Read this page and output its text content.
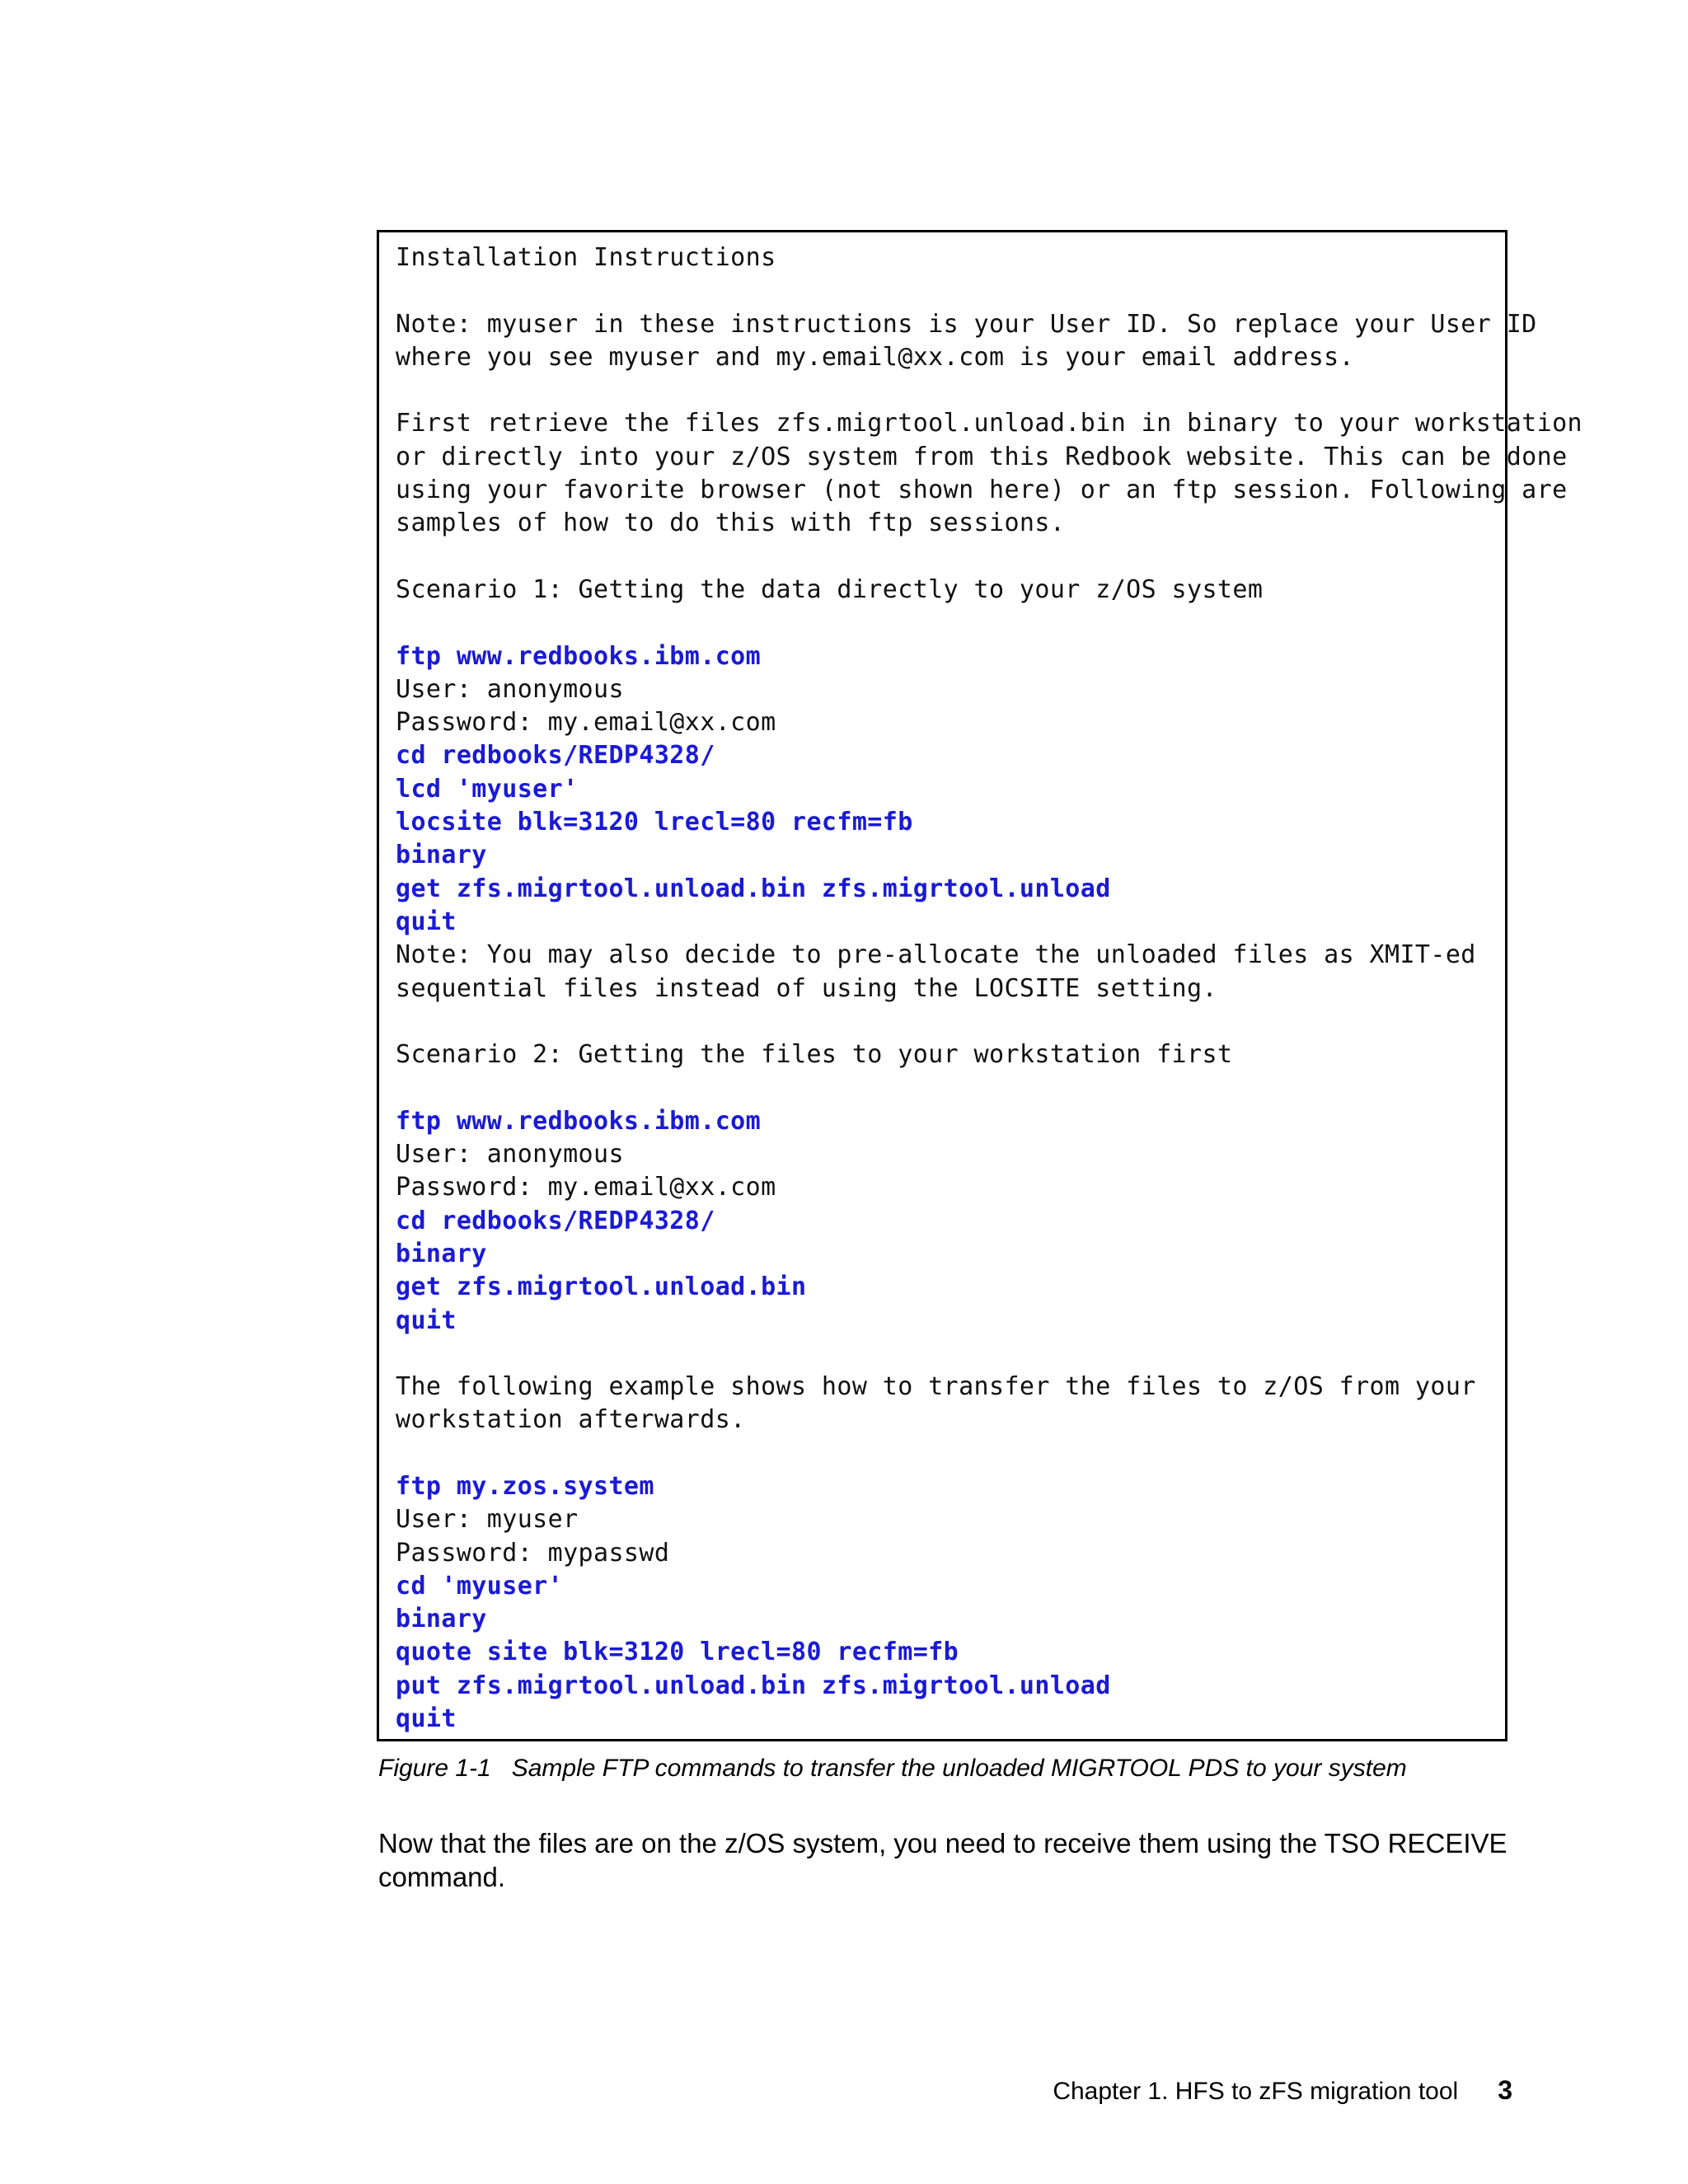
Installation Instructions
Note: myuser in these instructions is your User ID. So replace your User ID
where you see myuser and my.email@xx.com is your email address.
First retrieve the files zfs.migrtool.unload.bin in binary to your workstation
or directly into your z/OS system from this Redbook website. This can be done
using your favorite browser (not shown here) or an ftp session. Following are
samples of how to do this with ftp sessions.
Scenario 1: Getting the data directly to your z/OS system
ftp www.redbooks.ibm.com
User: anonymous
Password: my.email@xx.com
cd redbooks/REDP4328/
lcd 'myuser'
locsite blk=3120 lrecl=80 recfm=fb
binary
get zfs.migrtool.unload.bin zfs.migrtool.unload
quit
Note: You may also decide to pre-allocate the unloaded files as XMIT-ed
sequential files instead of using the LOCSITE setting.
Scenario 2: Getting the files to your workstation first
ftp www.redbooks.ibm.com
User: anonymous
Password: my.email@xx.com
cd redbooks/REDP4328/
binary
get zfs.migrtool.unload.bin
quit
The following example shows how to transfer the files to z/OS from your
workstation afterwards.
ftp my.zos.system
User: myuser
Password: mypasswd
cd 'myuser'
binary
quote site blk=3120 lrecl=80 recfm=fb
put zfs.migrtool.unload.bin zfs.migrtool.unload
quit
Figure 1-1   Sample FTP commands to transfer the unloaded MIGRTOOL PDS to your system
Now that the files are on the z/OS system, you need to receive them using the TSO RECEIVE command.
Chapter 1. HFS to zFS migration tool 3
